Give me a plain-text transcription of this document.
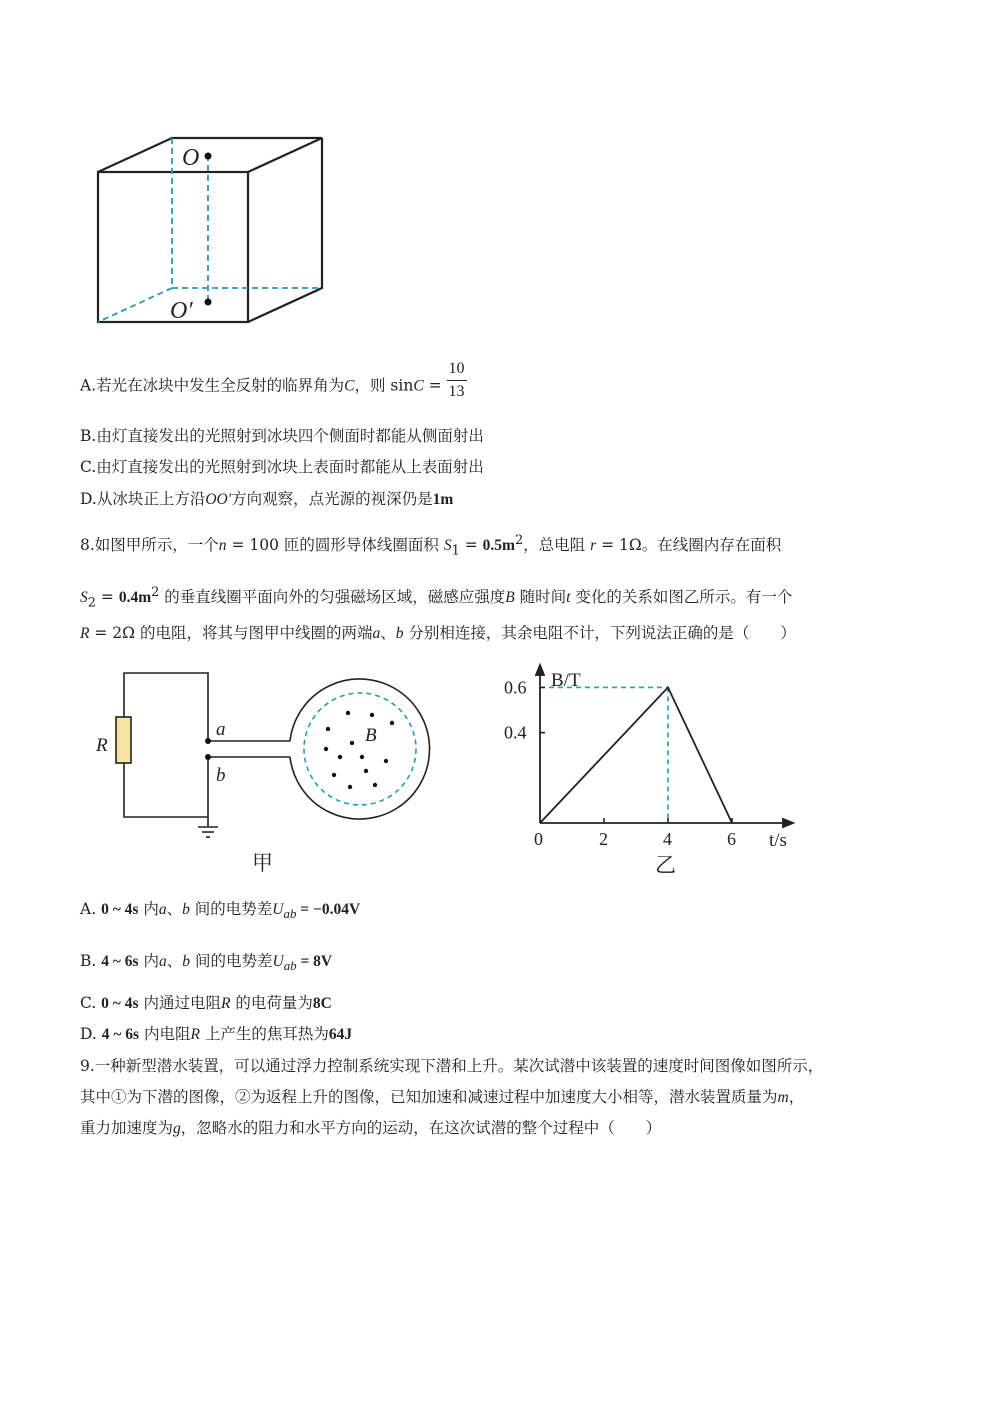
O
O′
A.若光在冰块中发生全反射的临界角为C，则 $\sin C = \frac{10}{13}$
B.由灯直接发出的光照射到冰块四个侧面时都能从侧面射出
C.由灯直接发出的光照射到冰块上表面时都能从上表面射出
D.从冰块正上方沿OO′方向观察，点光源的视深仍是1m
8.如图甲所示，一个n = 100 匝的圆形导体线圈面积 $S_1 = 0.5m^2$，总电阻 r = 1Ω。在线圈内存在面积
$S_2 = 0.4m^2$ 的垂直线圈平面向外的匀强磁场区域，磁感应强度B 随时间t 变化的关系如图乙所示。有一个
R = 2Ω 的电阻，将其与图甲中线圈的两端a、b 分别相连接，其余电阻不计，下列说法正确的是（　　）
R
a
b
B
甲
0	2	4	6
0.4
0.6 B/T
t/s
乙
A. 0 ~ 4s 内a、b 间的电势差$U_{ab} = -0.04V$
B. 4 ~ 6s 内a、b 间的电势差$U_{ab} = 8V$
C. 0 ~ 4s 内通过电阻R 的电荷量为8C
D. 4 ~ 6s 内电阻R 上产生的焦耳热为64J
9.一种新型潜水装置，可以通过浮力控制系统实现下潜和上升。某次试潜中该装置的速度时间图像如图所示，
其中①为下潜的图像，②为返程上升的图像，已知加速和减速过程中加速度大小相等，潜水装置质量为m，
重力加速度为g，忽略水的阻力和水平方向的运动，在这次试潜的整个过程中（　　）
